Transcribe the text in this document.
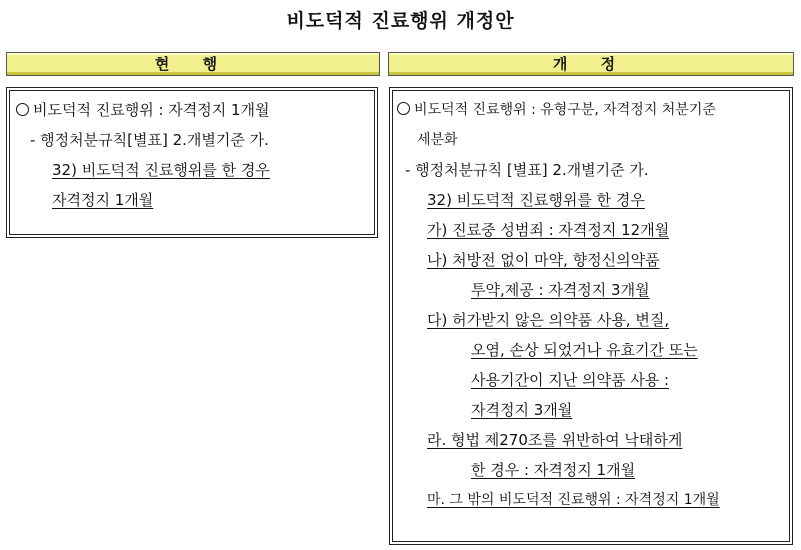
비도덕적 진료행위 개정안
현 행	개 정
비도덕적 진료행위 : 자격정지 1개월
- 행정처분규칙[별표] 2.개별기준 가.
32) 비도덕적 진료행위를 한 경우
자격정지 1개월
비도덕적 진료행위 : 유형구분, 자격정지 처분기준
세분화
- 행정처분규칙 [별표] 2.개별기준 가.
32) 비도덕적 진료행위를 한 경우
가) 진료중 성범죄 : 자격정지 12개월
나) 처방전 없이 마약, 향정신의약품
투약,제공 : 자격정지 3개월
다) 허가받지 않은 의약품 사용, 변질,
오염, 손상 되었거나 유효기간 또는
사용기간이 지난 의약품 사용 :
자격정지 3개월
라. 형법 제270조를 위반하여 낙태하게
한 경우 : 자격정지 1개월
마. 그 밖의 비도덕적 진료행위 : 자격정지 1개월
